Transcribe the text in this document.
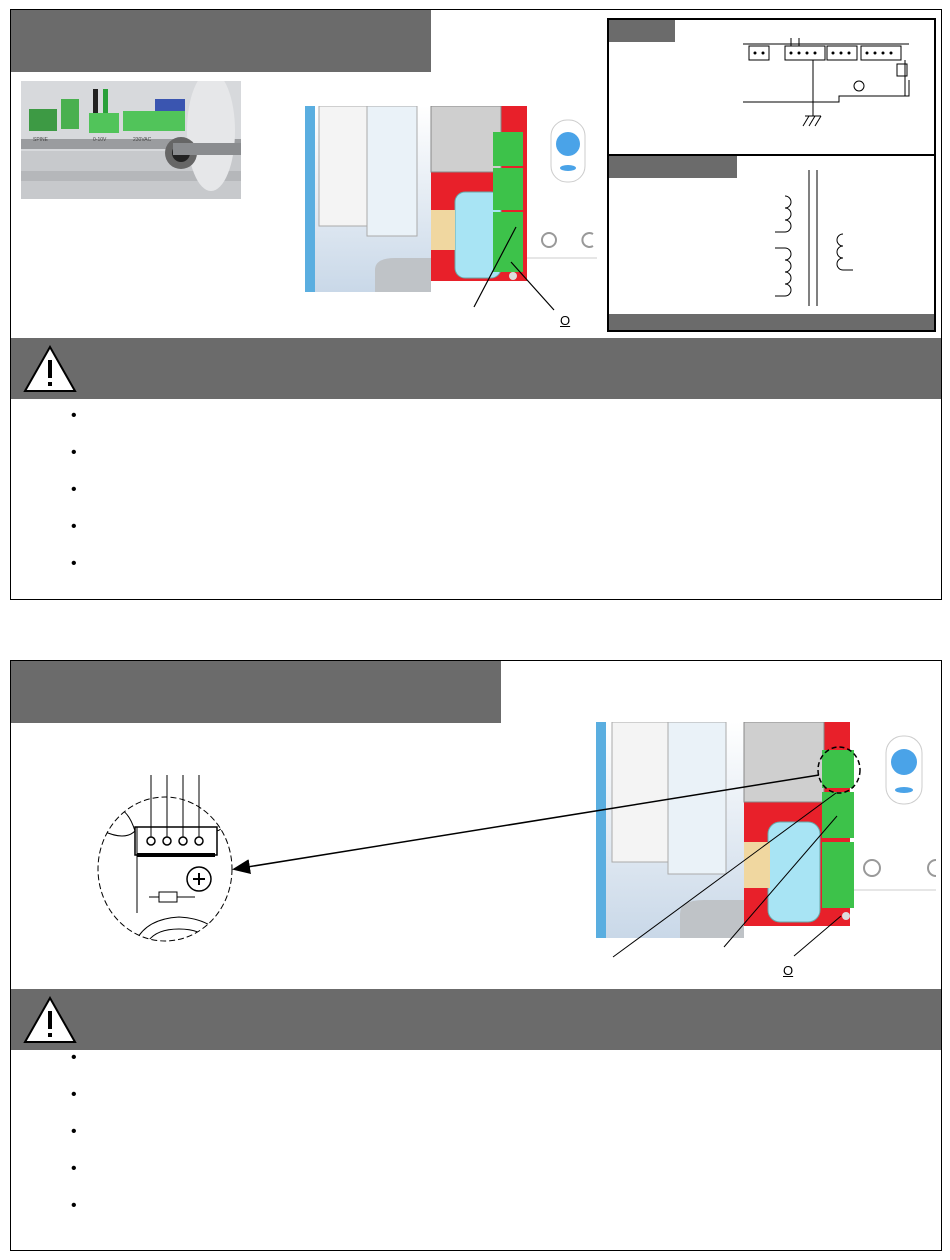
SPINE	0-10V	230VAC
O
•
•
•
•
•
O
•
•
•
•
•
